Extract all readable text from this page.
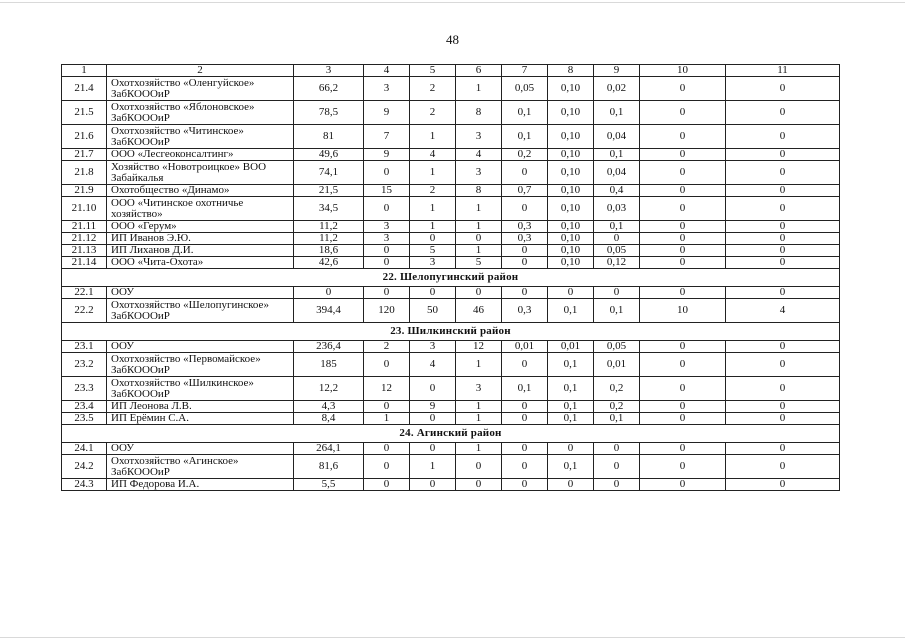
48
1	2	3	4	5	6	7	8	9	10	11
21.4	Охотхозяйство «Оленгуйское» ЗабКОООиР	66,2	3	2	1	0,05	0,10	0,02	0	0
21.5	Охотхозяйство «Яблоновское» ЗабКОООиР	78,5	9	2	8	0,1	0,10	0,1	0	0
21.6	Охотхозяйство «Читинское» ЗабКОООиР	81	7	1	3	0,1	0,10	0,04	0	0
21.7	ООО «Лесгеоконсалтинг»	49,6	9	4	4	0,2	0,10	0,1	0	0
21.8	Хозяйство «Новотроицкое» ВОО Забайкалья	74,1	0	1	3	0	0,10	0,04	0	0
21.9	Охотобщество «Динамо»	21,5	15	2	8	0,7	0,10	0,4	0	0
21.10	ООО «Читинское охотничье хозяйство»	34,5	0	1	1	0	0,10	0,03	0	0
21.11	ООО «Герум»	11,2	3	1	1	0,3	0,10	0,1	0	0
21.12	ИП Иванов Э.Ю.	11,2	3	0	0	0,3	0,10	0	0	0
21.13	ИП Лиханов Д.И.	18,6	0	5	1	0	0,10	0,05	0	0
21.14	ООО «Чита-Охота»	42,6	0	3	5	0	0,10	0,12	0	0
22. Шелопугинский район										
22.1	ООУ	0	0	0	0	0	0	0	0	0
22.2	Охотхозяйство «Шелопугинское» ЗабКОООиР	394,4	120	50	46	0,3	0,1	0,1	10	4
23. Шилкинский район										
23.1	ООУ	236,4	2	3	12	0,01	0,01	0,05	0	0
23.2	Охотхозяйство «Первомайское» ЗабКОООиР	185	0	4	1	0	0,1	0,01	0	0
23.3	Охотхозяйство «Шилкинское» ЗабКОООиР	12,2	12	0	3	0,1	0,1	0,2	0	0
23.4	ИП Леонова Л.В.	4,3	0	9	1	0	0,1	0,2	0	0
23.5	ИП Ерёмин С.А.	8,4	1	0	1	0	0,1	0,1	0	0
24. Агинский район										
24.1	ООУ	264,1	0	0	1	0	0	0	0	0
24.2	Охотхозяйство «Агинское» ЗабКОООиР	81,6	0	1	0	0	0,1	0	0	0
24.3	ИП Федорова И.А.	5,5	0	0	0	0	0	0	0	0
